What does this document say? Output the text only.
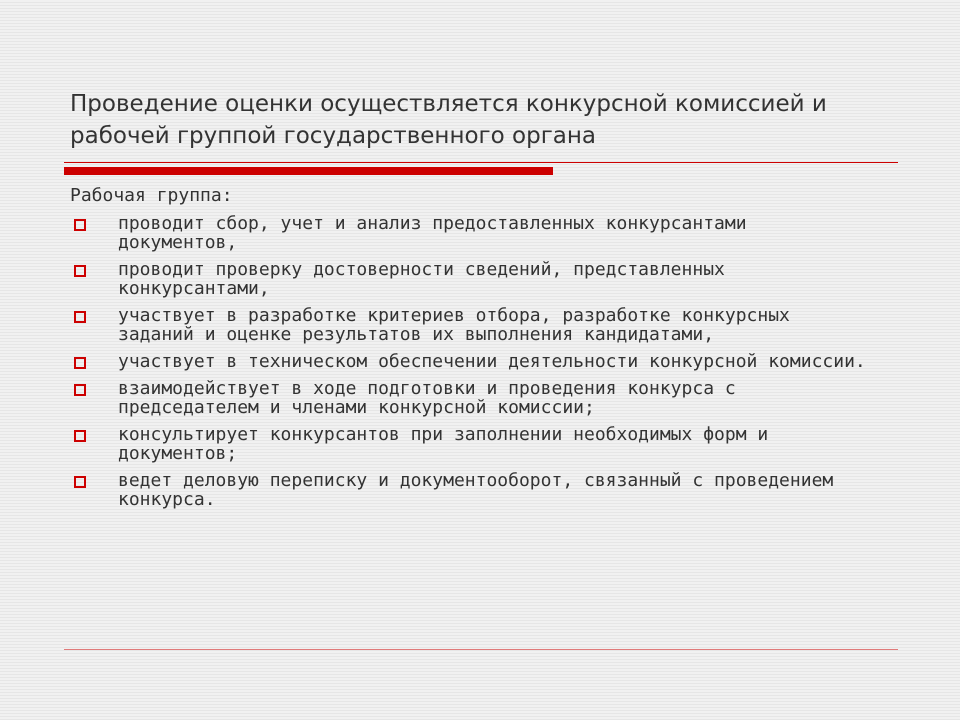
Проведение оценки осуществляется конкурсной комиссией и рабочей группой государственного органа

Рабочая группа:

проводит сбор, учет и анализ предоставленных конкурсантами документов,
проводит проверку достоверности сведений, представленных конкурсантами,
участвует в разработке критериев отбора, разработке конкурсных заданий и оценке результатов их выполнения кандидатами,
участвует в техническом обеспечении деятельности конкурсной комиссии.
взаимодействует в ходе подготовки и проведения конкурса с председателем и членами конкурсной комиссии;
консультирует конкурсантов при заполнении необходимых форм и документов;
ведет деловую переписку и документооборот, связанный с проведением конкурса.
